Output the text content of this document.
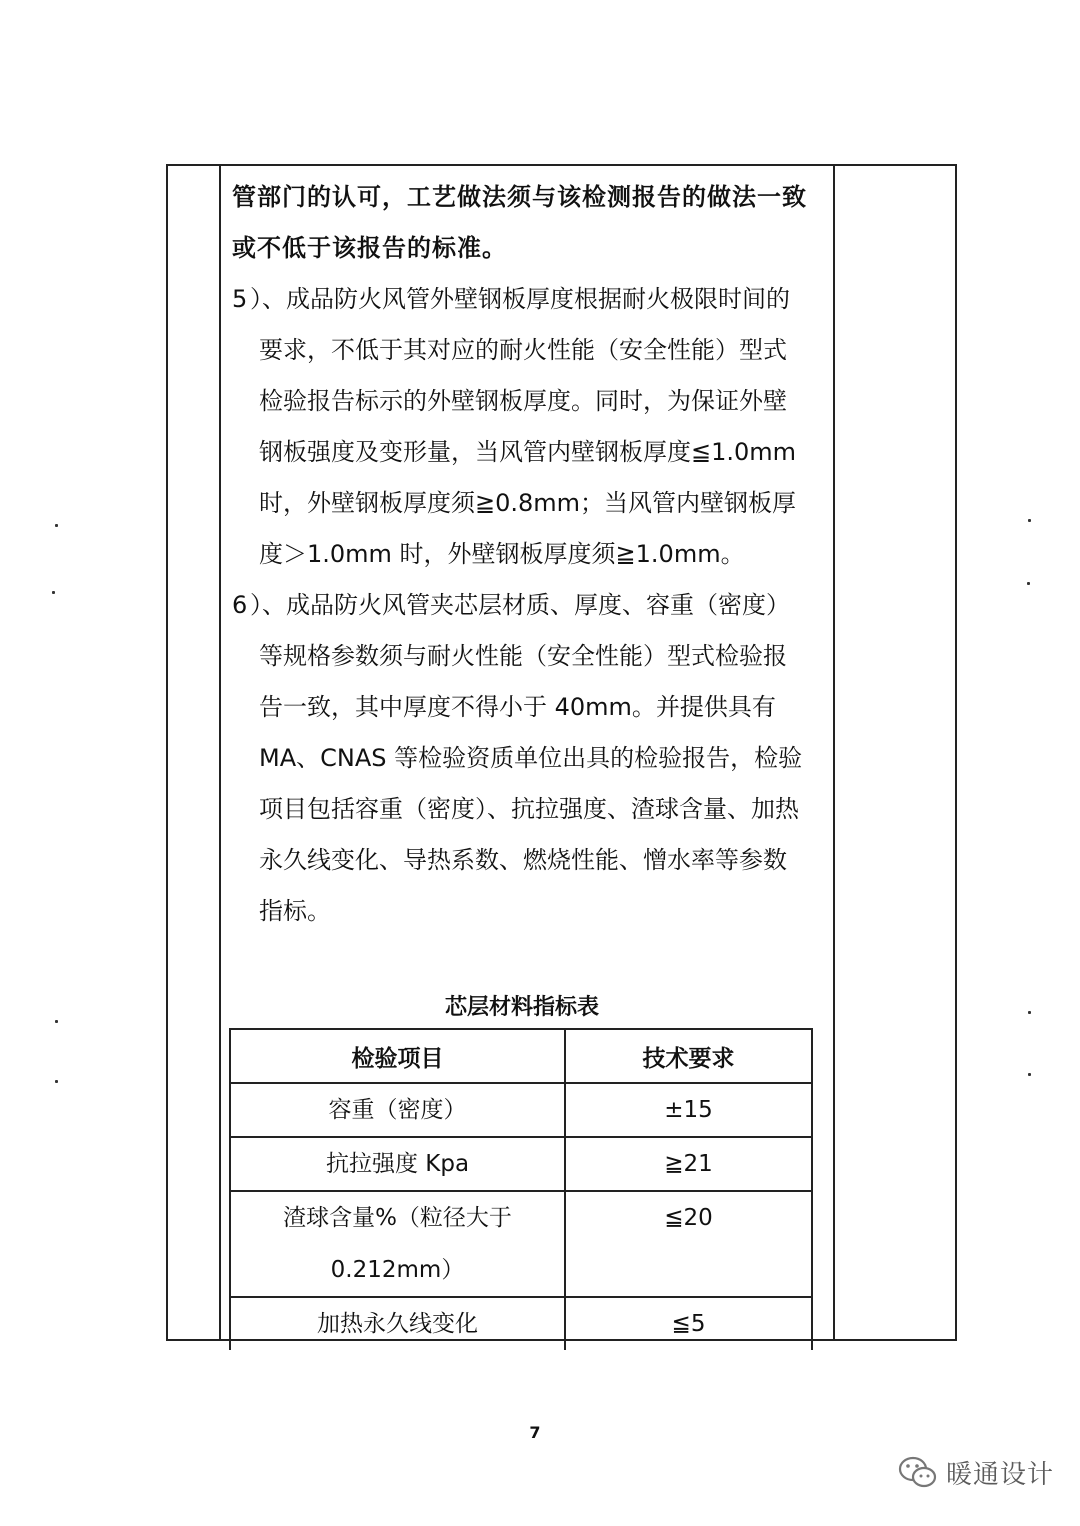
管部门的认可，工艺做法须与该检测报告的做法一致
或不低于该报告的标准。

5 ）、成品防火风管外壁钢板厚度根据耐火极限时间的
要求，不低于其对应的耐火性能（安全性能）型式
检验报告标示的外壁钢板厚度。同时，为保证外壁
钢板强度及变形量，当风管内壁钢板厚度≦1.0mm
时，外壁钢板厚度须≧0.8mm；当风管内壁钢板厚
度＞1.0mm 时，外壁钢板厚度须≧1.0mm。
6 ）、成品防火风管夹芯层材质、厚度、容重（密度）
等规格参数须与耐火性能（安全性能）型式检验报
告一致，其中厚度不得小于 40mm。并提供具有
MA、CNAS 等检验资质单位出具的检验报告，检验
项目包括容重（密度）、抗拉强度、渣球含量、加热
永久线变化、导热系数、燃烧性能、憎水率等参数
指标。
芯层材料指标表
检验项目	技术要求
容重（密度）	±15
抗拉强度 Kpa	≧21
渣球含量%（粒径大于
0.212mm）	≦20
加热永久线变化	≦5
7
暖通设计
